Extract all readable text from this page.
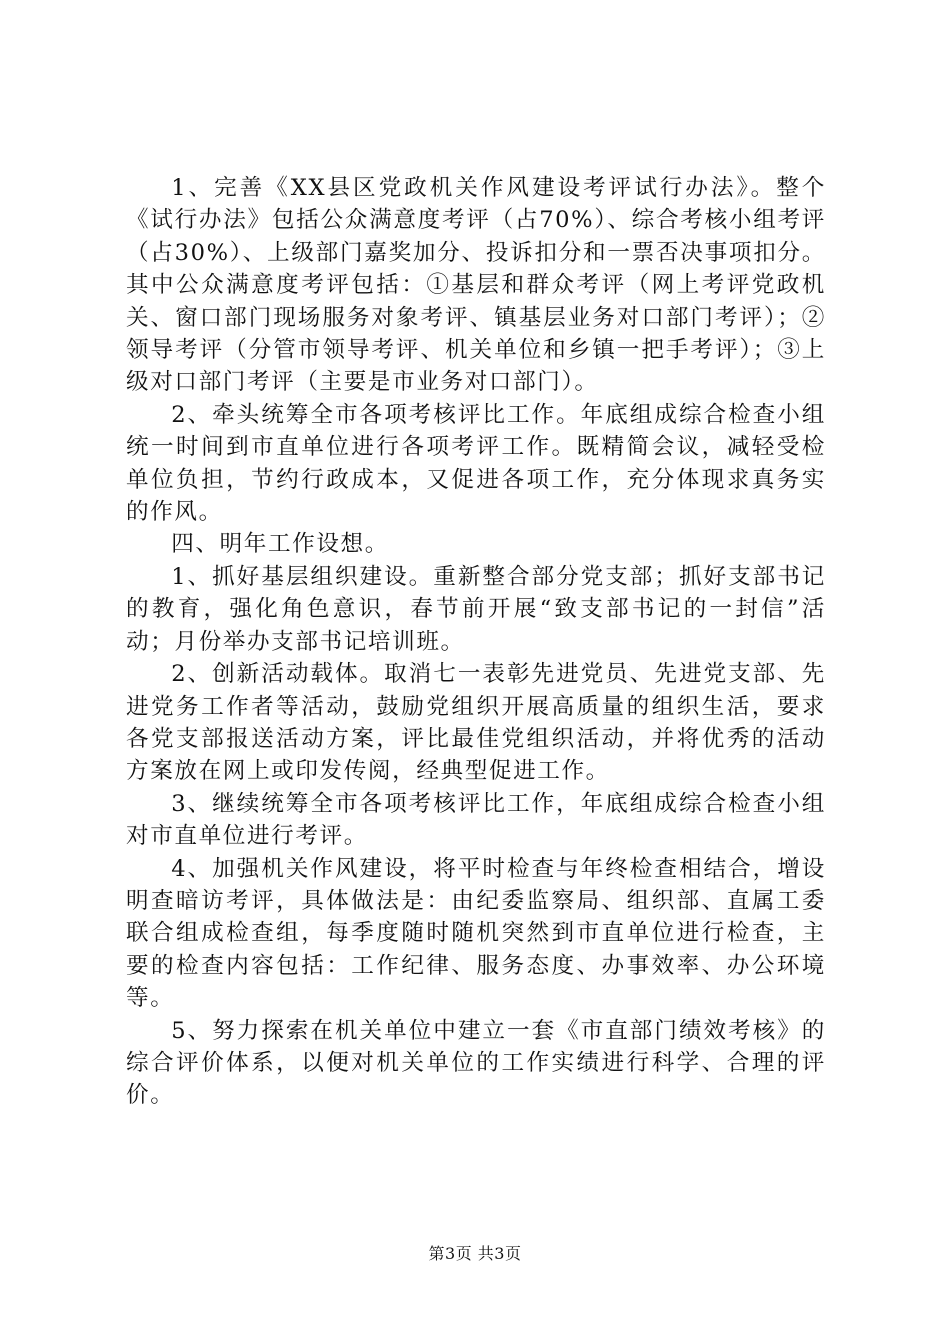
1、完善《XX县区党政机关作风建设考评试行办法》。整个《试行办法》包括公众满意度考评（占70%）、综合考核小组考评（占30%）、上级部门嘉奖加分、投诉扣分和一票否决事项扣分。其中公众满意度考评包括：①基层和群众考评（网上考评党政机关、窗口部门现场服务对象考评、镇基层业务对口部门考评）；②领导考评（分管市领导考评、机关单位和乡镇一把手考评）；③上级对口部门考评（主要是市业务对口部门）。

2、牵头统筹全市各项考核评比工作。年底组成综合检查小组统一时间到市直单位进行各项考评工作。既精简会议，减轻受检单位负担，节约行政成本，又促进各项工作，充分体现求真务实的作风。

四、明年工作设想。

1、抓好基层组织建设。重新整合部分党支部；抓好支部书记的教育，强化角色意识，春节前开展“致支部书记的一封信”活动；月份举办支部书记培训班。

2、创新活动载体。取消七一表彰先进党员、先进党支部、先进党务工作者等活动，鼓励党组织开展高质量的组织生活，要求各党支部报送活动方案，评比最佳党组织活动，并将优秀的活动方案放在网上或印发传阅，经典型促进工作。

3、继续统筹全市各项考核评比工作，年底组成综合检查小组对市直单位进行考评。

4、加强机关作风建设，将平时检查与年终检查相结合，增设明查暗访考评，具体做法是：由纪委监察局、组织部、直属工委联合组成检查组，每季度随时随机突然到市直单位进行检查，主要的检查内容包括：工作纪律、服务态度、办事效率、办公环境等。

5、努力探索在机关单位中建立一套《市直部门绩效考核》的综合评价体系，以便对机关单位的工作实绩进行科学、合理的评价。

第3页 共3页
